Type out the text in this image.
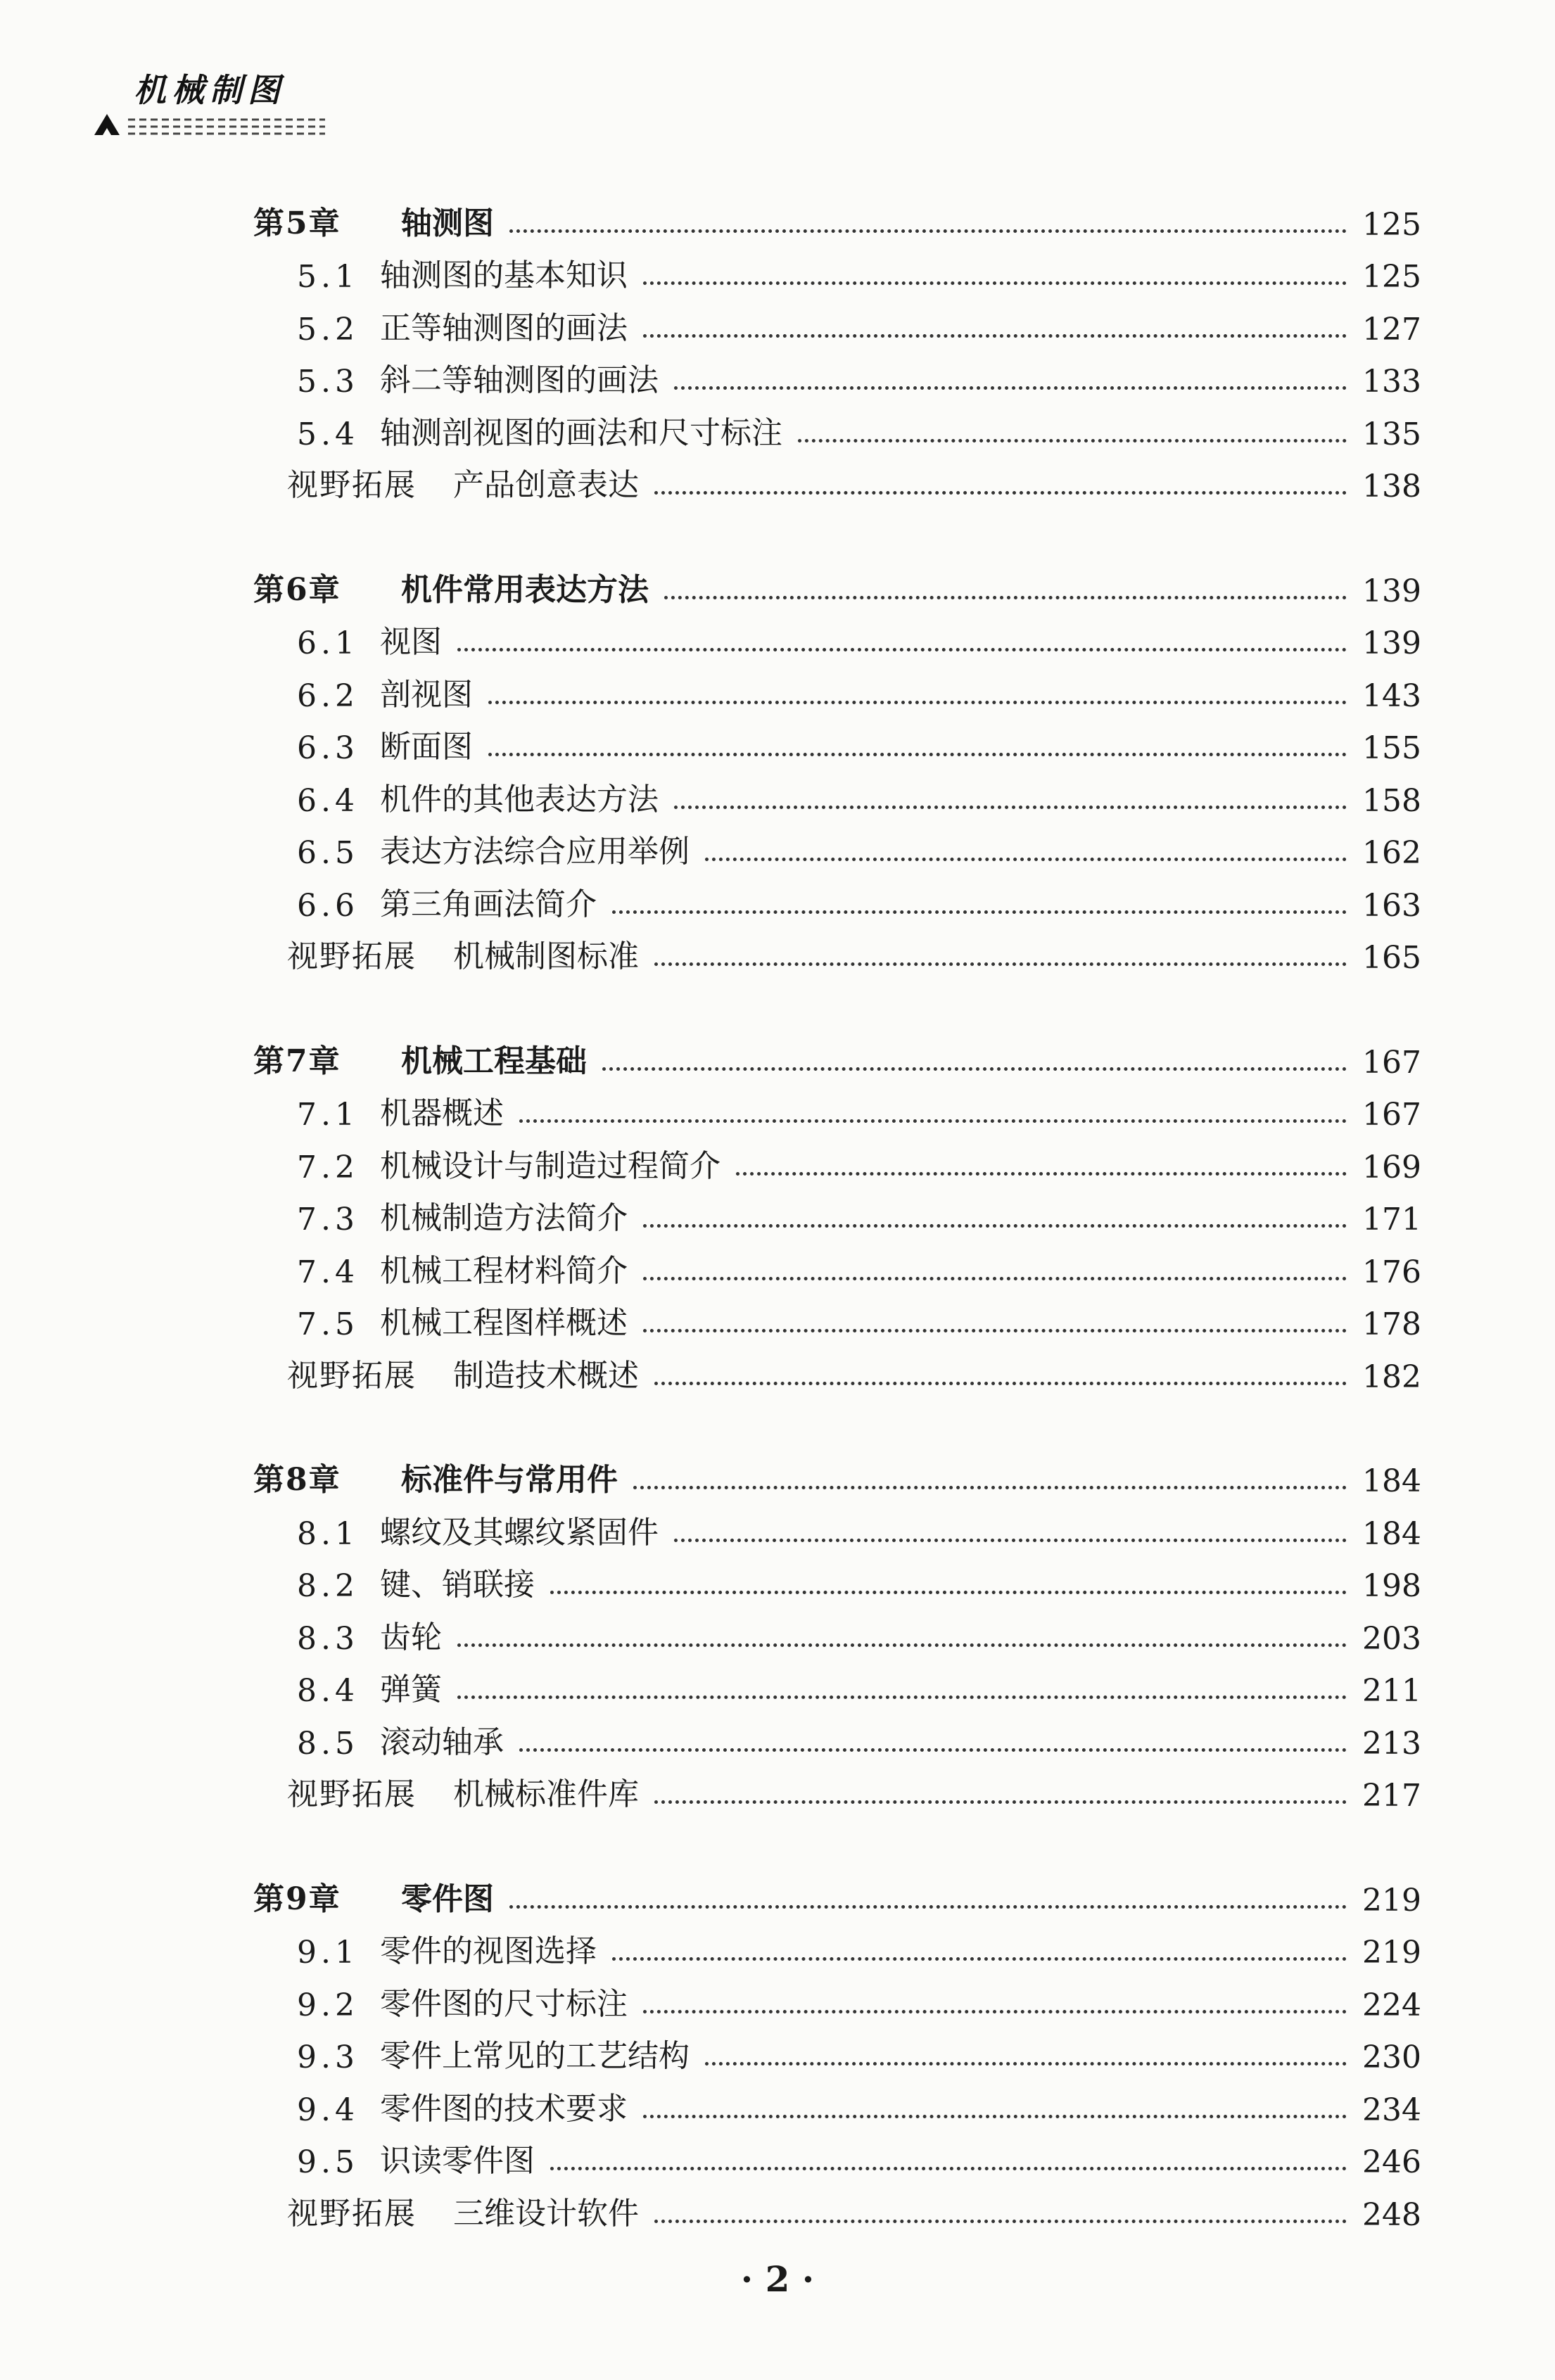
机械制图
第5章	轴测图	125
5.1 轴测图的基本知识	125
5.2 正等轴测图的画法	127
5.3 斜二等轴测图的画法	133
5.4 轴测剖视图的画法和尺寸标注	135
视野拓展	产品创意表达	138
第6章	机件常用表达方法	139
6.1 视图	139
6.2 剖视图	143
6.3 断面图	155
6.4 机件的其他表达方法	158
6.5 表达方法综合应用举例	162
6.6 第三角画法简介	163
视野拓展	机械制图标准	165
第7章	机械工程基础	167
7.1 机器概述	167
7.2 机械设计与制造过程简介	169
7.3 机械制造方法简介	171
7.4 机械工程材料简介	176
7.5 机械工程图样概述	178
视野拓展	制造技术概述	182
第8章	标准件与常用件	184
8.1 螺纹及其螺纹紧固件	184
8.2 键、销联接	198
8.3 齿轮	203
8.4 弹簧	211
8.5 滚动轴承	213
视野拓展	机械标准件库	217
第9章	零件图	219
9.1 零件的视图选择	219
9.2 零件图的尺寸标注	224
9.3 零件上常见的工艺结构	230
9.4 零件图的技术要求	234
9.5 识读零件图	246
视野拓展	三维设计软件	248
· 2 ·
